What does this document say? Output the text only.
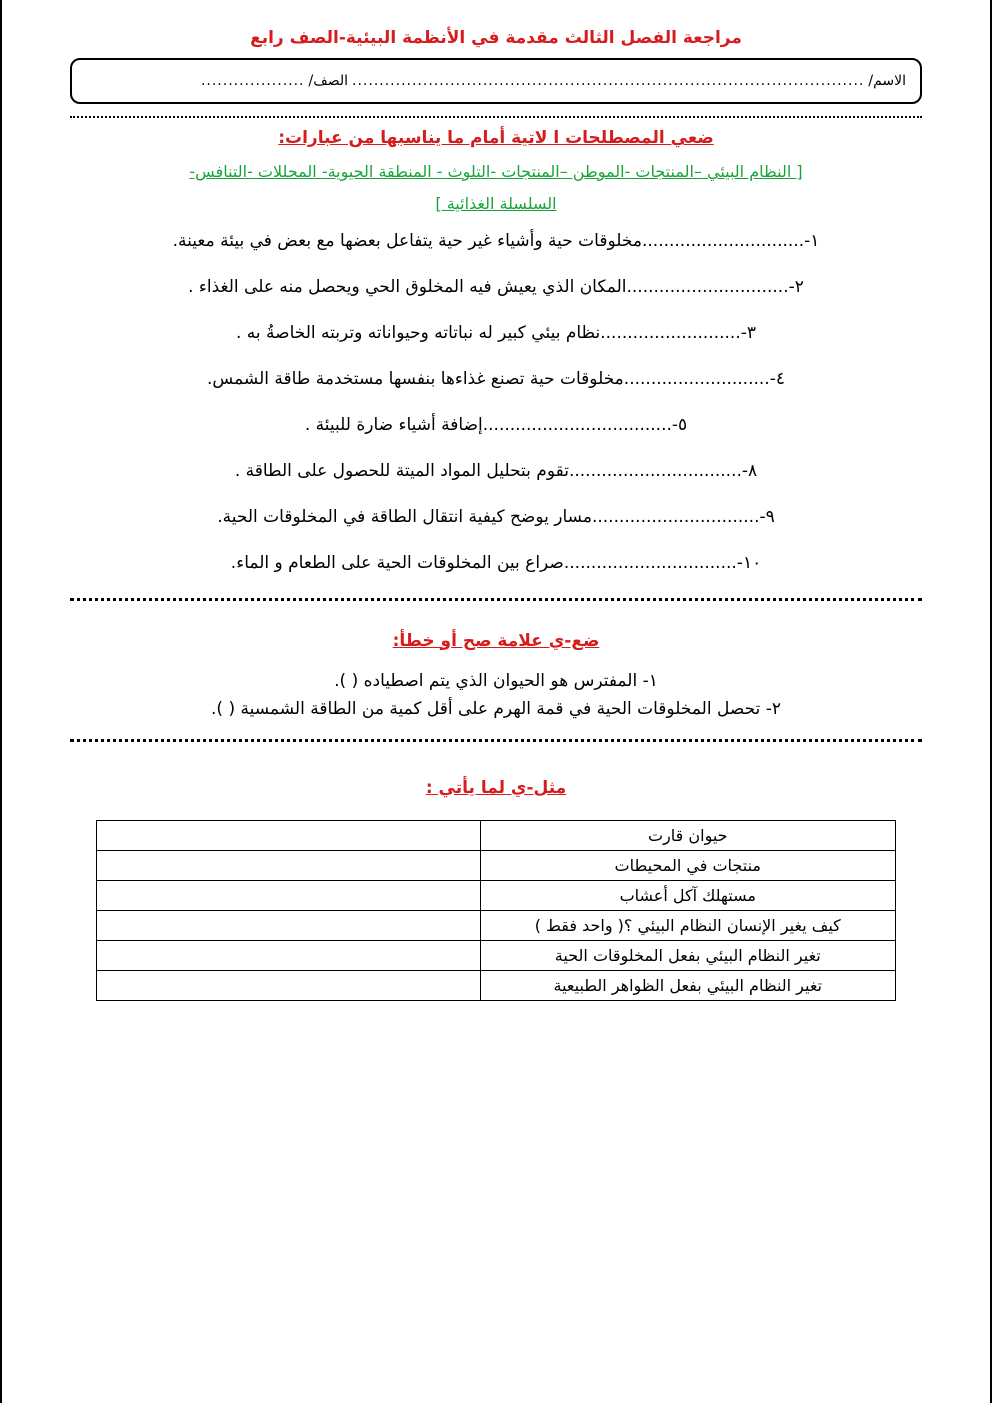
مراجعة الفصل الثالث مقدمة في الأنظمة البيئية-الصف رابع
الاسم/
..............................................................................................
الصف/
...................
ضعي المصطلحات ا لاتية أمام ما يناسبها من عبارات:
[ النظام البيئي –المنتجات -الموطن –المنتجات -التلوث - المنطقة الحيوية- المحللات -التنافس-
السلسلة الغذائية ]
١-..............................مخلوقات حية وأشياء غير حية يتفاعل بعضها مع بعض في بيئة معينة.
٢-..............................المكان الذي يعيش فيه المخلوق الحي ويحصل منه على الغذاء .
٣-..........................نظام بيئي كبير له نباتاته وحيواناته وتربته الخاصةُ به .
٤-...........................مخلوقات حية تصنع غذاءها بنفسها مستخدمة طاقة الشمس.
٥-...................................إضافة أشياء ضارة للبيئة .
٨-................................تقوم بتحليل المواد الميتة للحصول على الطاقة .
٩-...............................مسار يوضح كيفية انتقال الطاقة في المخلوقات الحية.
١٠-................................صراع بين المخلوقات الحية على الطعام و الماء.
ضع-ي علامة صح أو خطأ:
١- المفترس هو الحيوان الذي يتم اصطياده ( ).
٢- تحصل المخلوقات الحية في قمة الهرم على أقل كمية من الطاقة الشمسية ( ).
مثل-ي لما يأتي :
حيوان قارت	
منتجات في المحيطات	
مستهلك آكل أعشاب	
كيف يغير الإنسان النظام البيئي ؟( واحد فقط )	
تغير النظام البيئي بفعل المخلوقات الحية	
تغير النظام البيئي بفعل الظواهر الطبيعية	
